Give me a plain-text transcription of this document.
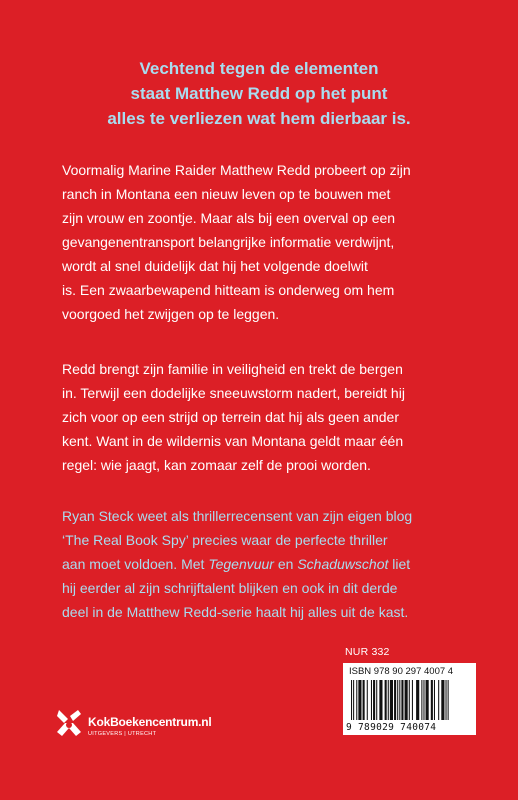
Vechtend tegen de elementen
staat Matthew Redd op het punt
alles te verliezen wat hem dierbaar is.
Voormalig Marine Raider Matthew Redd probeert op zijn
ranch in Montana een nieuw leven op te bouwen met
zijn vrouw en zoontje. Maar als bij een overval op een
gevangenentransport belangrijke informatie verdwijnt,
wordt al snel duidelijk dat hij het volgende doelwit
is. Een zwaarbewapend hitteam is onderweg om hem
voorgoed het zwijgen op te leggen.
Redd brengt zijn familie in veiligheid en trekt de bergen
in. Terwijl een dodelijke sneeuwstorm nadert, bereidt hij
zich voor op een strijd op terrein dat hij als geen ander
kent. Want in de wildernis van Montana geldt maar één
regel: wie jaagt, kan zomaar zelf de prooi worden.
Ryan Steck weet als thrillerrecensent van zijn eigen blog
‘The Real Book Spy’ precies waar de perfecte thriller
aan moet voldoen. Met Tegenvuur en Schaduwschot liet
hij eerder al zijn schrijftalent blijken en ook in dit derde
deel in de Matthew Redd-serie haalt hij alles uit de kast.
NUR 332
ISBN 978 90 297 4007 4
9 789029 740074
KokBoekencentrum.nl
UITGEVERS | UTRECHT
